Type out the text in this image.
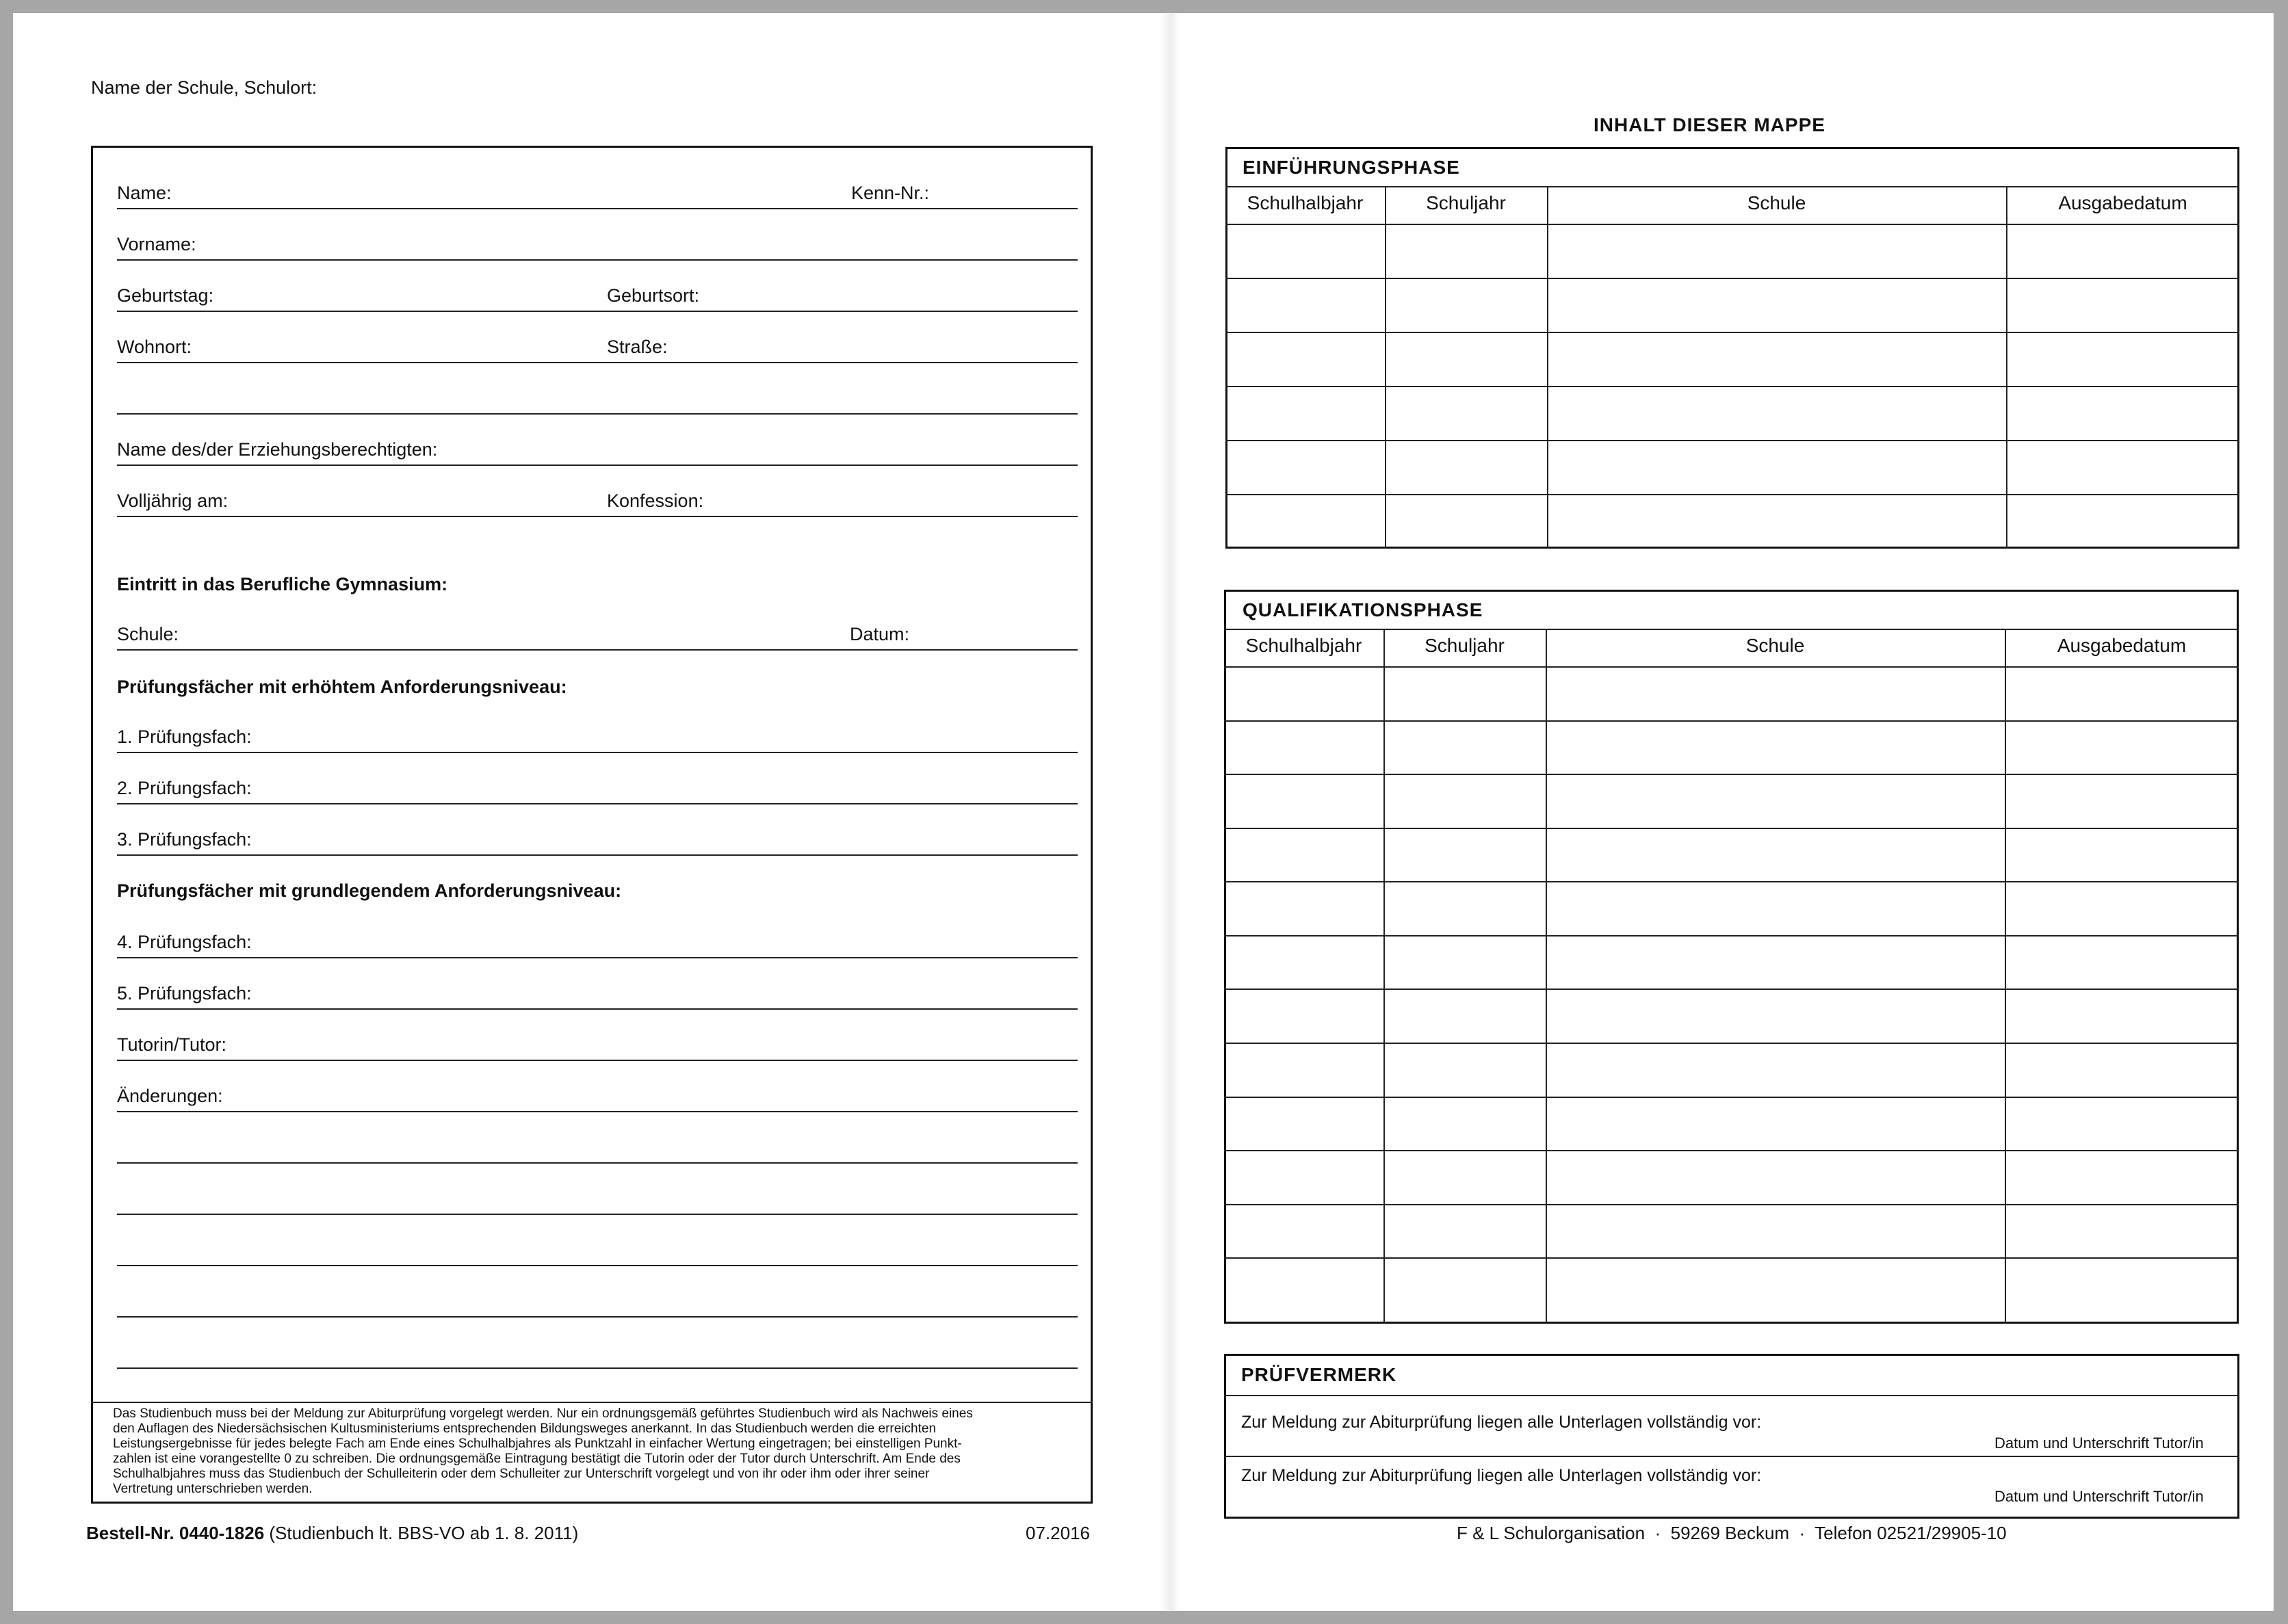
Name der Schule, Schulort:
Name:	Kenn-Nr.:
Vorname:
Geburtstag:	Geburtsort:
Wohnort:	Straße:
Name des/der Erziehungsberechtigten:
Volljährig am:	Konfession:
Eintritt in das Berufliche Gymnasium:
Schule:	Datum:
Prüfungsfächer mit erhöhtem Anforderungsniveau:
1. Prüfungsfach:
2. Prüfungsfach:
3. Prüfungsfach:
Prüfungsfächer mit grundlegendem Anforderungsniveau:
4. Prüfungsfach:
5. Prüfungsfach:
Tutorin/Tutor:
Änderungen:
Das Studienbuch muss bei der Meldung zur Abiturprüfung vorgelegt werden. Nur ein ordnungsgemäß geführtes Studienbuch wird als Nachweis eines
den Auflagen des Niedersächsischen Kultusministeriums entsprechenden Bildungsweges anerkannt. In das Studienbuch werden die erreichten
Leistungsergebnisse für jedes belegte Fach am Ende eines Schulhalbjahres als Punktzahl in einfacher Wertung eingetragen; bei einstelligen Punkt-
zahlen ist eine vorangestellte 0 zu schreiben. Die ordnungsgemäße Eintragung bestätigt die Tutorin oder der Tutor durch Unterschrift. Am Ende des
Schulhalbjahres muss das Studienbuch der Schulleiterin oder dem Schulleiter zur Unterschrift vorgelegt und von ihr oder ihm oder ihrer seiner
Vertretung unterschrieben werden.
Bestell-Nr. 0440-1826 (Studienbuch lt. BBS-VO ab 1. 8. 2011)	07.2016
INHALT DIESER MAPPE
EINFÜHRUNGSPHASE
Schulhalbjahr	Schuljahr	Schule	Ausgabedatum
QUALIFIKATIONSPHASE
Schulhalbjahr	Schuljahr	Schule	Ausgabedatum
PRÜFVERMERK
Zur Meldung zur Abiturprüfung liegen alle Unterlagen vollständig vor:
Datum und Unterschrift Tutor/in
Zur Meldung zur Abiturprüfung liegen alle Unterlagen vollständig vor:
Datum und Unterschrift Tutor/in
F & L Schulorganisation  ·  59269 Beckum  ·  Telefon 02521/29905-10
